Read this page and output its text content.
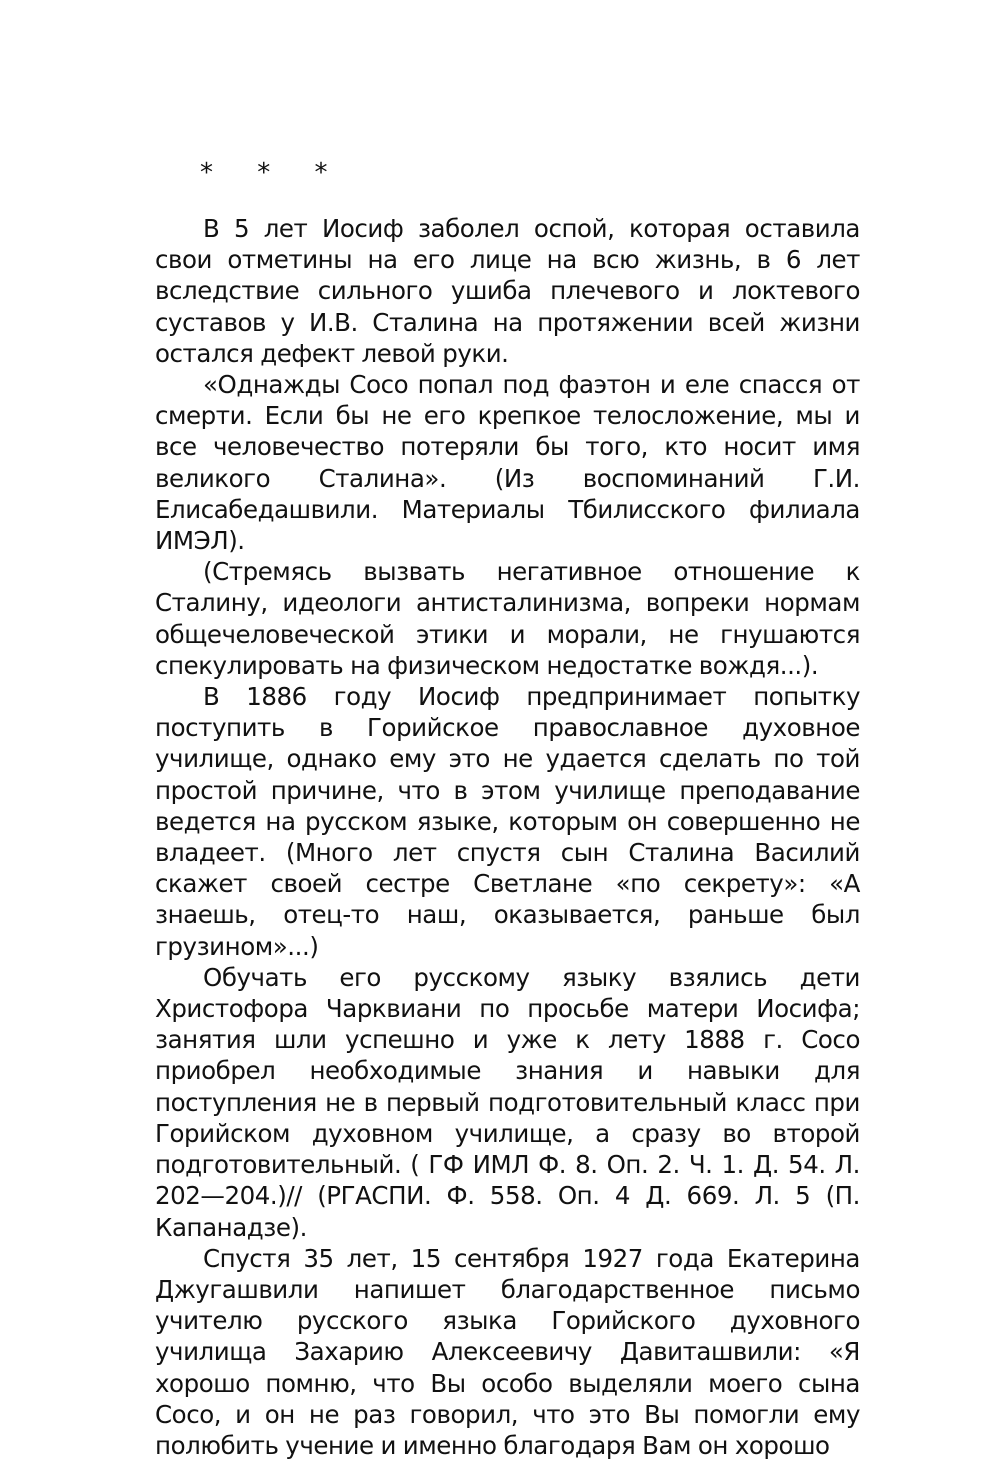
* * *

В 5 лет Иосиф заболел оспой, которая оставила свои отметины на его лице на всю жизнь, в 6 лет вследствие сильного ушиба плечевого и локтевого суставов у И.В. Сталина на протяжении всей жизни остался дефект левой руки.

«Однажды Сосо попал под фаэтон и еле спасся от смерти. Если бы не его крепкое телосложение, мы и все человечество потеряли бы того, кто носит имя великого Сталина». (Из воспоминаний Г.И. Елисабедашвили. Материалы Тбилисского филиала ИМЭЛ).

(Стремясь вызвать негативное отношение к Сталину, идеологи антисталинизма, вопреки нормам общечеловеческой этики и морали, не гнушаются спекулировать на физическом недостатке вождя...).

В 1886 году Иосиф предпринимает попытку поступить в Горийское православное духовное училище, однако ему это не удается сделать по той простой причине, что в этом училище преподавание ведется на русском языке, которым он совершенно не владеет. (Много лет спустя сын Сталина Василий скажет своей сестре Светлане «по секрету»: «А знаешь, отец-то наш, оказывается, раньше был грузином»...)

Обучать его русскому языку взялись дети Христофора Чарквиани по просьбе матери Иосифа; занятия шли успешно и уже к лету 1888 г. Сосо приобрел необходимые знания и навыки для поступления не в первый подготовительный класс при Горийском духовном училище, а сразу во второй подготовительный. ( ГФ ИМЛ Ф. 8. Оп. 2. Ч. 1. Д. 54. Л. 202—204.)// (РГАСПИ. Ф. 558. Оп. 4 Д. 669. Л. 5 (П. Капанадзе).

Спустя 35 лет, 15 сентября 1927 года Екатерина Джугашвили напишет благодарственное письмо учителю русского языка Горийского духовного училища Захарию Алексеевичу Давиташвили: «Я хорошо помню, что Вы особо выделяли моего сына Сосо, и он не раз говорил, что это Вы помогли ему полюбить учение и именно благодаря Вам он хорошо
